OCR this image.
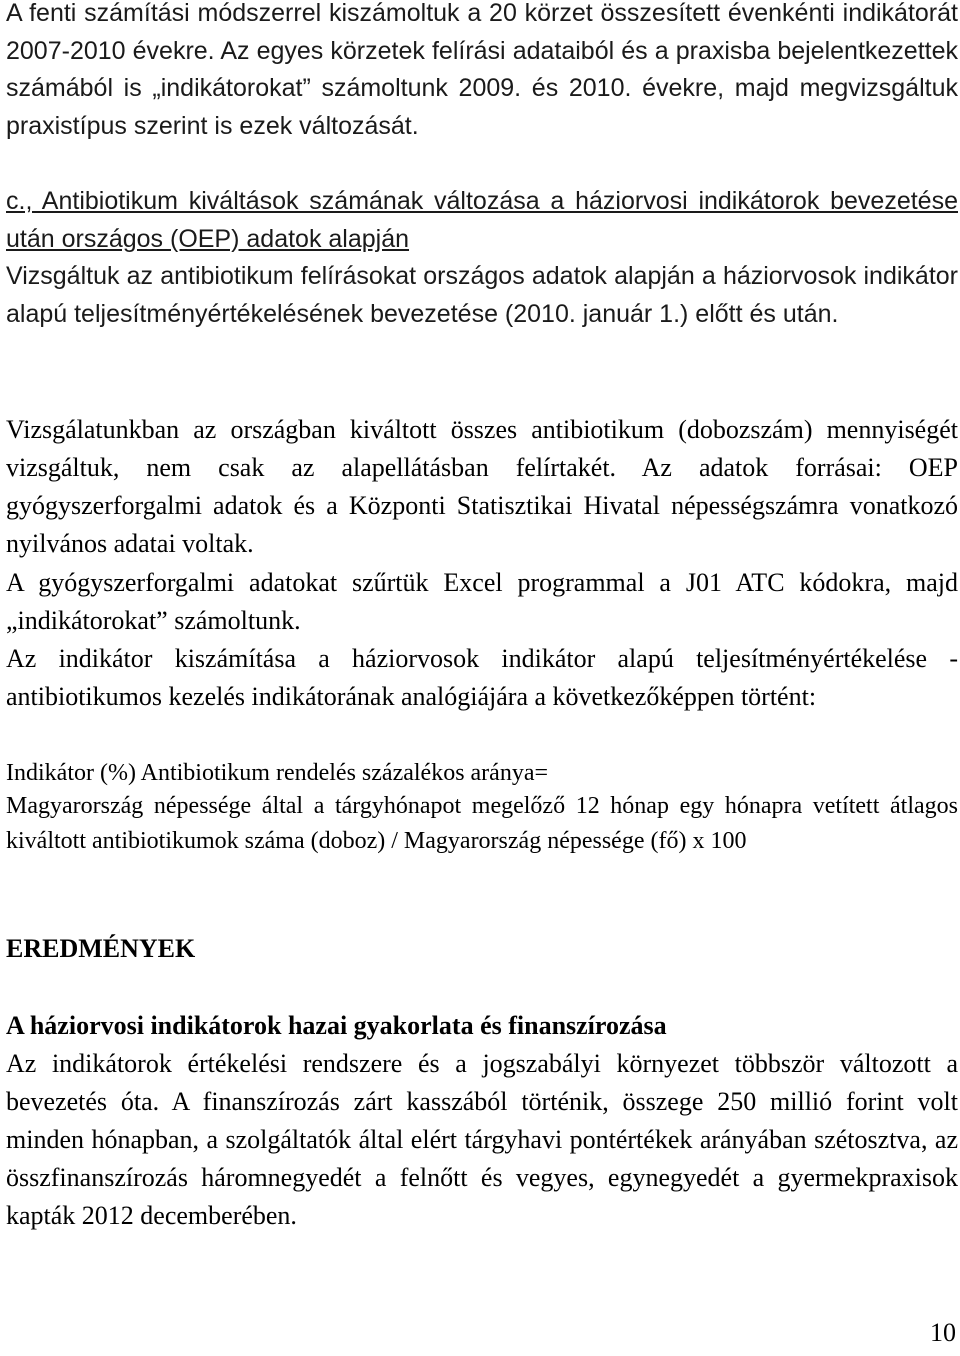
A fenti számítási módszerrel kiszámoltuk a 20 körzet összesített évenkénti indikátorát 2007-2010 évekre. Az egyes körzetek felírási adataiból és a praxisba bejelentkezettek számából is „indikátorokat” számoltunk 2009. és 2010. évekre, majd megvizsgáltuk praxistípus szerint is ezek változását.

c., Antibiotikum kiváltások számának változása a háziorvosi indikátorok bevezetése után országos (OEP) adatok alapján

Vizsgáltuk az antibiotikum felírásokat országos adatok alapján a háziorvosok indikátor alapú teljesítményértékelésének bevezetése (2010. január 1.) előtt és után.

Vizsgálatunkban az országban kiváltott összes antibiotikum (dobozszám) mennyiségét vizsgáltuk, nem csak az alapellátásban felírtakét. Az adatok forrásai: OEP gyógyszerforgalmi adatok és a Központi Statisztikai Hivatal népességszámra vonatkozó nyilvános adatai voltak.

A gyógyszerforgalmi adatokat szűrtük Excel programmal a J01 ATC kódokra, majd „indikátorokat” számoltunk.

Az indikátor kiszámítása a háziorvosok indikátor alapú teljesítményértékelése - antibiotikumos kezelés indikátorának analógiájára a következőképpen történt:

Indikátor (%) Antibiotikum rendelés százalékos aránya=

Magyarország népessége által a tárgyhónapot megelőző 12 hónap egy hónapra vetített átlagos kiváltott antibiotikumok száma (doboz) / Magyarország népessége (fő) x 100

EREDMÉNYEK
A háziorvosi indikátorok hazai gyakorlata és finanszírozása

Az indikátorok értékelési rendszere és a jogszabályi környezet többször változott a bevezetés óta. A finanszírozás zárt kasszából történik, összege 250 millió forint volt minden hónapban, a szolgáltatók által elért tárgyhavi pontértékek arányában szétosztva, az összfinanszírozás háromnegyedét a felnőtt és vegyes, egynegyedét a gyermekpraxisok kapták 2012 decemberében.

10
